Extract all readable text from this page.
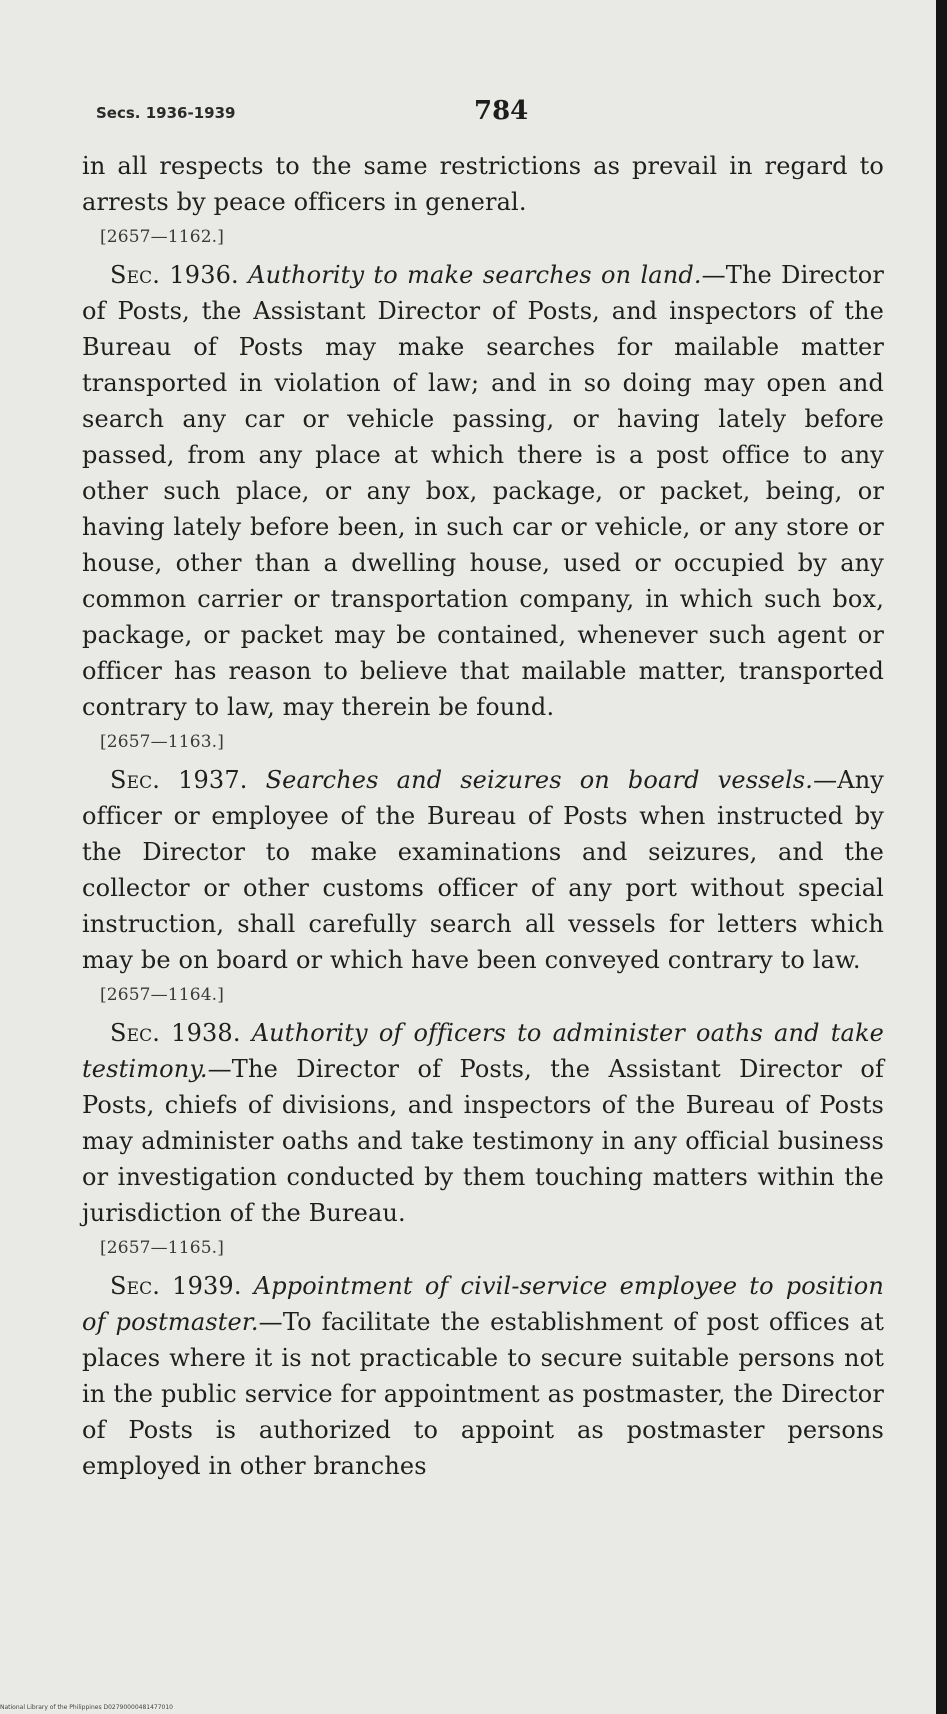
Secs. 1936-1939	784

in all respects to the same restrictions as prevail in regard to arrests by peace officers in general.

[2657—1162.]

Sec. 1936. Authority to make searches on land.—The Director of Posts, the Assistant Director of Posts, and inspectors of the Bureau of Posts may make searches for mailable matter transported in violation of law; and in so doing may open and search any car or vehicle passing, or having lately before passed, from any place at which there is a post office to any other such place, or any box, package, or packet, being, or having lately before been, in such car or vehicle, or any store or house, other than a dwelling house, used or occupied by any common carrier or transportation company, in which such box, package, or packet may be contained, whenever such agent or officer has reason to believe that mailable matter, transported contrary to law, may therein be found.

[2657—1163.]

Sec. 1937. Searches and seizures on board vessels.—Any officer or employee of the Bureau of Posts when instructed by the Director to make examinations and seizures, and the collector or other customs officer of any port without special instruction, shall carefully search all vessels for letters which may be on board or which have been conveyed contrary to law.

[2657—1164.]

Sec. 1938. Authority of officers to administer oaths and take testimony.—The Director of Posts, the Assistant Director of Posts, chiefs of divisions, and inspectors of the Bureau of Posts may administer oaths and take testimony in any official business or investigation conducted by them touching matters within the jurisdiction of the Bureau.

[2657—1165.]

Sec. 1939. Appointment of civil-service employee to position of postmaster.—To facilitate the establishment of post offices at places where it is not practicable to secure suitable persons not in the public service for appointment as postmaster, the Director of Posts is authorized to appoint as postmaster persons employed in other branches

National Library of the Philippines D02790000481477010
